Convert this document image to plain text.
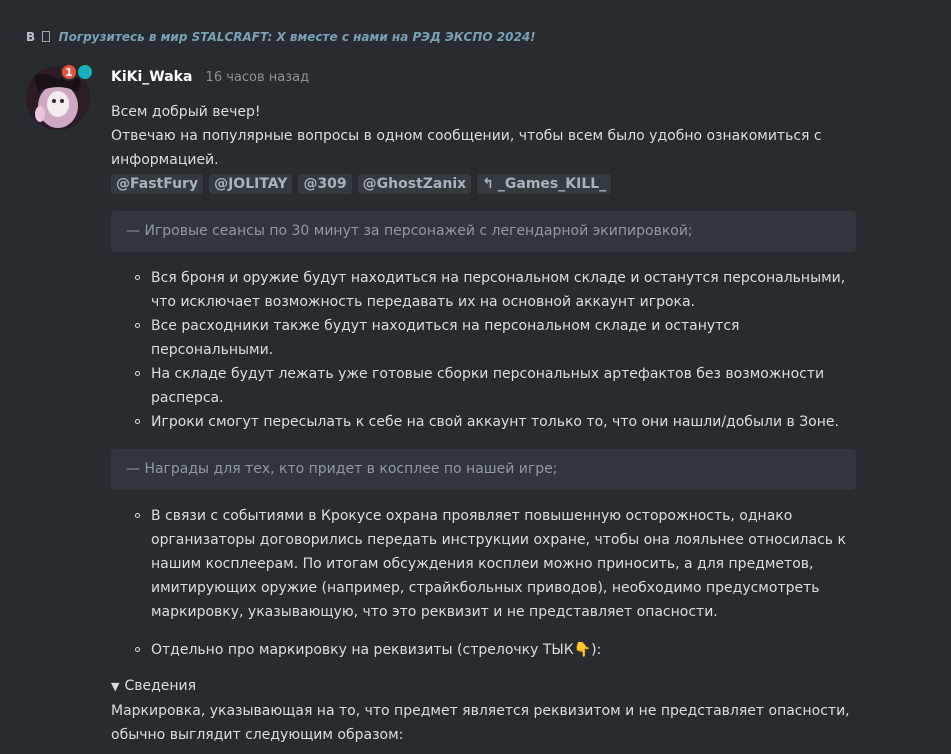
B Погрузитесь в мир STALCRAFT: X вместе с нами на РЭД ЭКСПО 2024!
1 🌐 KiKi_Waka 16 часов назад

Всем добрый вечер!

Отвечаю на популярные вопросы в одном сообщении, чтобы всем было удобно ознакомиться с информацией.

@FastFury @JOLITAY @309 @GhostZanix ↰ _Games_KILL_
— Игровые сеансы по 30 минут за персонажей с легендарной экипировкой;
Вся броня и оружие будут находиться на персональном складе и останутся персональными, что исключает возможность передавать их на основной аккаунт игрока.
Все расходники также будут находиться на персональном складе и останутся персональными.
На складе будут лежать уже готовые сборки персональных артефактов без возможности расперса.
Игроки смогут пересылать к себе на свой аккаунт только то, что они нашли/добыли в Зоне.
— Награды для тех, кто придет в косплее по нашей игре;
В связи с событиями в Крокусе охрана проявляет повышенную осторожность, однако организаторы договорились передать инструкции охране, чтобы она лояльнее относилась к нашим косплеерам. По итогам обсуждения косплеи можно приносить, а для предметов, имитирующих оружие (например, страйкбольных приводов), необходимо предусмотреть маркировку, указывающую, что это реквизит и не представляет опасности.
Отдельно про маркировку на реквизиты (стрелочку ТЫК👇):
▼ Сведения
Маркировка, указывающая на то, что предмет является реквизитом и не представляет опасности, обычно выглядит следующим образом:
